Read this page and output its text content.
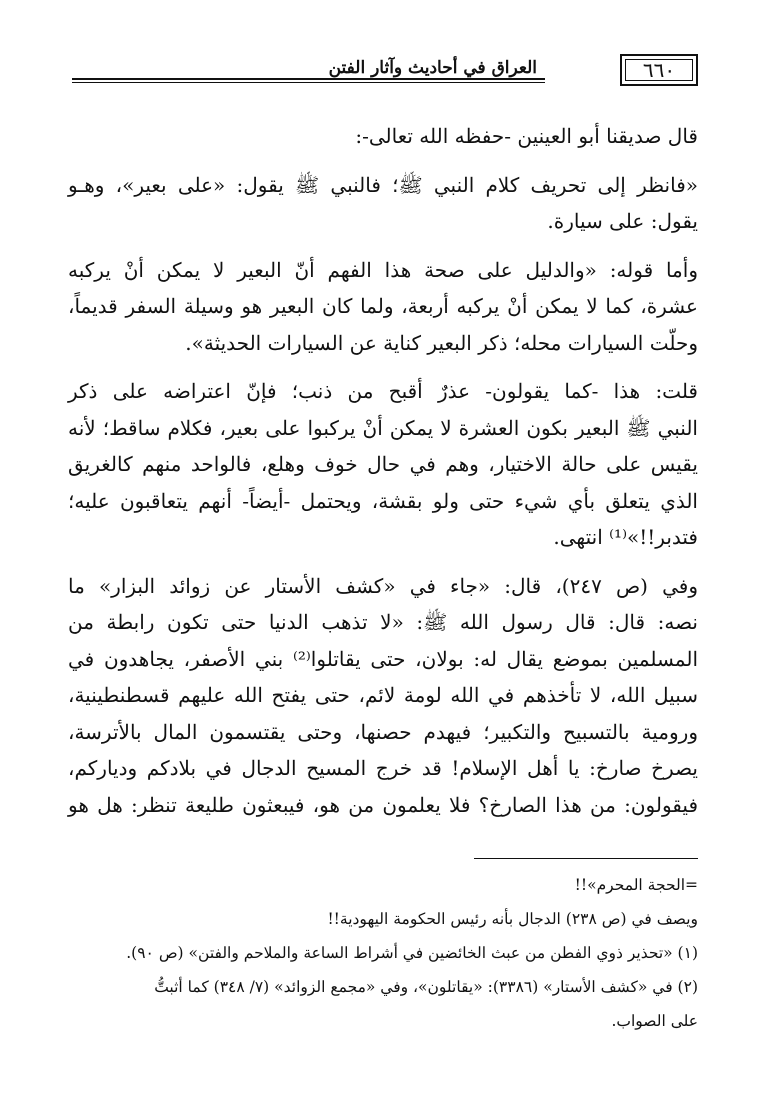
العراق في أحاديث وآثار الفتن	٦٦٠

قال صديقنا أبو العينين -حفظه الله تعالى-:

«فانظر إلى تحريف كلام النبي ﷺ؛ فالنبي ﷺ يقول: «على بعير»، وهـو
يقول: على سيارة.

وأما قوله: «والدليل على صحة هذا الفهم أنّ البعير لا يمكن أنْ يركبه
عشرة، كما لا يمكن أنْ يركبه أربعة، ولما كان البعير هو وسيلة السفر قديماً،
وحلّت السيارات محله؛ ذكر البعير كناية عن السيارات الحديثة».

قلت: هذا -كما يقولون- عذرٌ أقبح من ذنب؛ فإنّ اعتراضه على ذكر
النبي ﷺ البعير بكون العشرة لا يمكن أنْ يركبوا على بعير، فكلام ساقط؛ لأنه
يقيس على حالة الاختيار، وهم في حال خوف وهلع، فالواحد منهم كالغريق
الذي يتعلق بأي شيء حتى ولو بقشة، ويحتمل -أيضاً- أنهم يتعاقبون عليه؛
فتدبر!!»⁽¹⁾ انتهى.

وفي (ص ٢٤٧)، قال: «جاء في «كشف الأستار عن زوائد البزار» ما
نصه: قال: قال رسول الله ﷺ: «لا تذهب الدنيا حتى تكون رابطة من
المسلمين بموضع يقال له: بولان، حتى يقاتلوا⁽²⁾ بني الأصفر، يجاهدون في
سبيل الله، لا تأخذهم في الله لومة لائم، حتى يفتح الله عليهم قسطنطينية،
ورومية بالتسبيح والتكبير؛ فيهدم حصنها، وحتى يقتسمون المال بالأترسة،
يصرخ صارخ: يا أهل الإسلام! قد خرج المسيح الدجال في بلادكم ودياركم،
فيقولون: من هذا الصارخ؟ فلا يعلمون من هو، فيبعثون طليعة تنظر: هل هو

=الحجة المحرم»!!

ويصف في (ص ٢٣٨) الدجال بأنه رئيس الحكومة اليهودية!!

(١) «تحذير ذوي الفطن من عبث الخائضين في أشراط الساعة والملاحم والفتن» (ص ٩٠).

(٢) في «كشف الأستار» (٣٣٨٦): «يقاتلون»، وفي «مجمع الزوائد» (٧/ ٣٤٨) كما أثبتُّ

على الصواب.
